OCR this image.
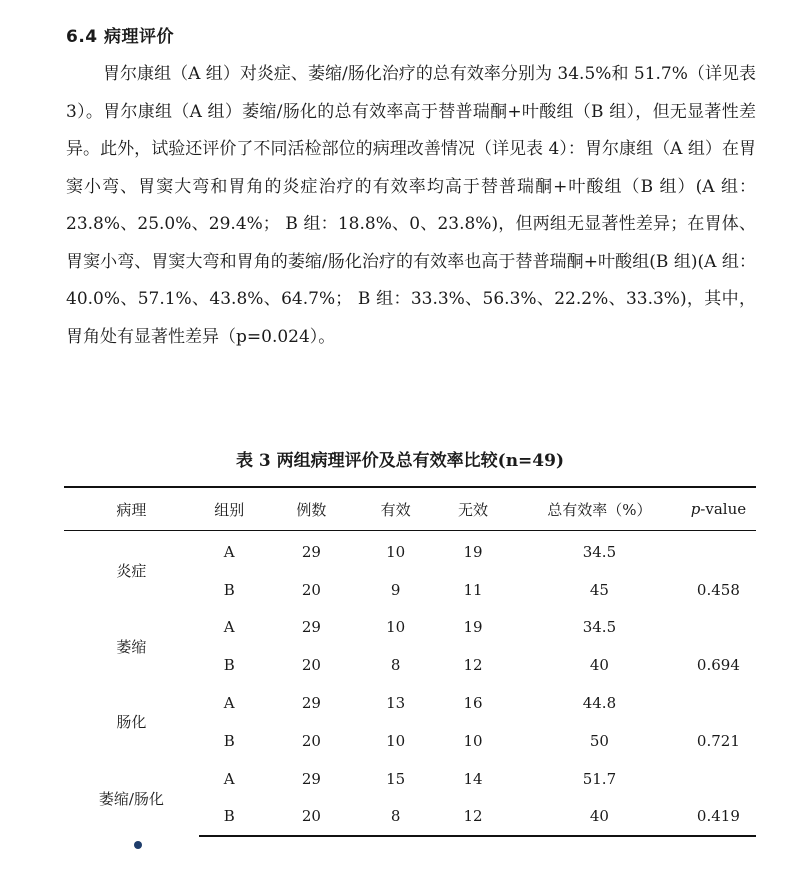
6.4 病理评价

胃尔康组（A 组）对炎症、萎缩/肠化治疗的总有效率分别为 34.5%和 51.7%（详见表 3）。胃尔康组（A 组）萎缩/肠化的总有效率高于替普瑞酮+叶酸组（B 组），但无显著性差异。此外，试验还评价了不同活检部位的病理改善情况（详见表 4）：胃尔康组（A 组）在胃窦小弯、胃窦大弯和胃角的炎症治疗的有效率均高于替普瑞酮+叶酸组（B 组）(A 组：23.8%、25.0%、29.4%； B 组：18.8%、0、23.8%)，但两组无显著性差异；在胃体、胃窦小弯、胃窦大弯和胃角的萎缩/肠化治疗的有效率也高于替普瑞酮+叶酸组(B 组)(A 组：40.0%、57.1%、43.8%、64.7%； B 组：33.3%、56.3%、22.2%、33.3%)，其中，胃角处有显著性差异（p=0.024）。

表 3 两组病理评价及总有效率比较(n=49)
病理	组别	例数	有效	无效	总有效率（%）	p-value
炎症	A	29	10	19	34.5	
	B	20	9	11	45	0.458
萎缩	A	29	10	19	34.5	
	B	20	8	12	40	0.694
肠化	A	29	13	16	44.8	
	B	20	10	10	50	0.721
萎缩/肠化	A	29	15	14	51.7	
	B	20	8	12	40	0.419
